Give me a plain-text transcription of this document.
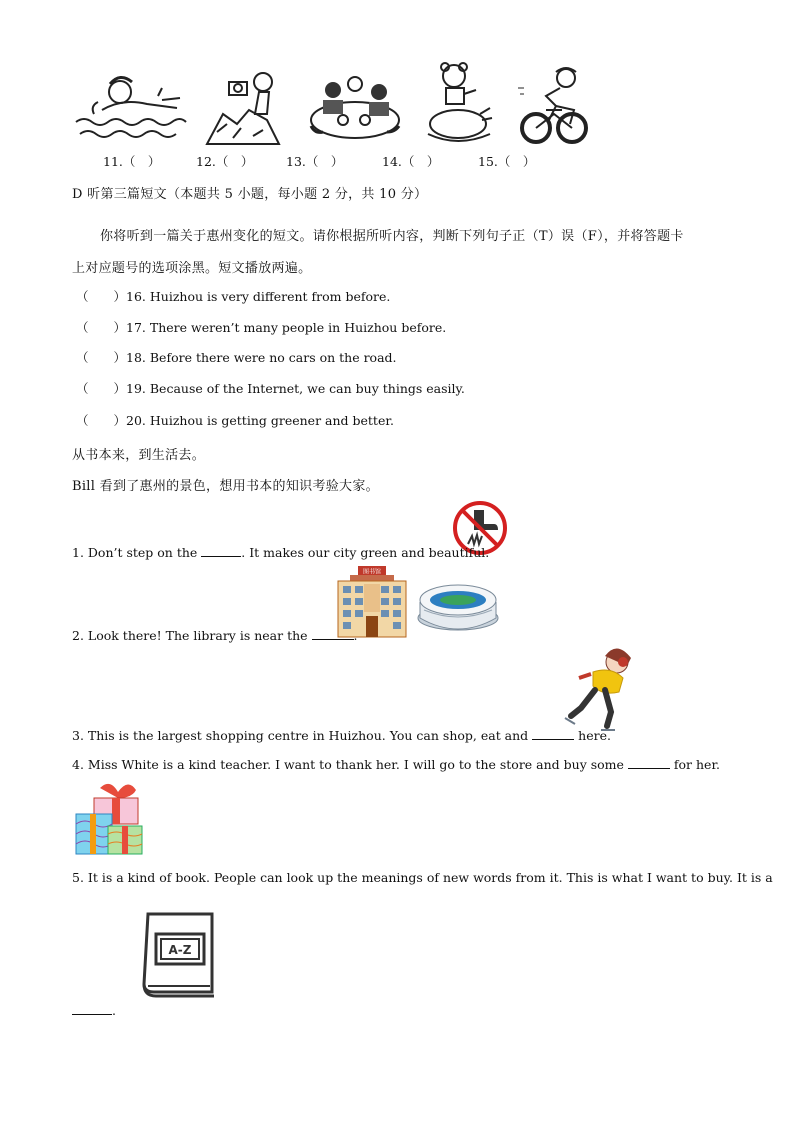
11.（　）	12.（　）	13.（　）	14.（　）	15.（　）
D 听第三篇短文（本题共 5 小题，每小题 2 分，共 10 分）
你将听到一篇关于惠州变化的短文。请你根据所听内容，判断下列句子正（T）误（F），并将答题卡
上对应题号的选项涂黑。短文播放两遍。
（　　）16. Huizhou is very different from before.
（　　）17. There weren’t many people in Huizhou before.
（　　）18. Before there were no cars on the road.
（　　）19. Because of the Internet, we can buy things easily.
（　　）20. Huizhou is getting greener and better.
从书本来，到生活去。
Bill 看到了惠州的景色，想用书本的知识考验大家。
1. Don’t step on the	. It makes our city green and beautiful.
图书馆
2. Look there! The library is near the	.
3. This is the largest shopping centre in Huizhou. You can shop, eat and	here.
4. Miss White is a kind teacher. I want to thank her. I will go to the store and buy some	for her.
5. It is a kind of book. People can look up the meanings of new words from it. This is what I want to buy. It is a
A-Z
.
